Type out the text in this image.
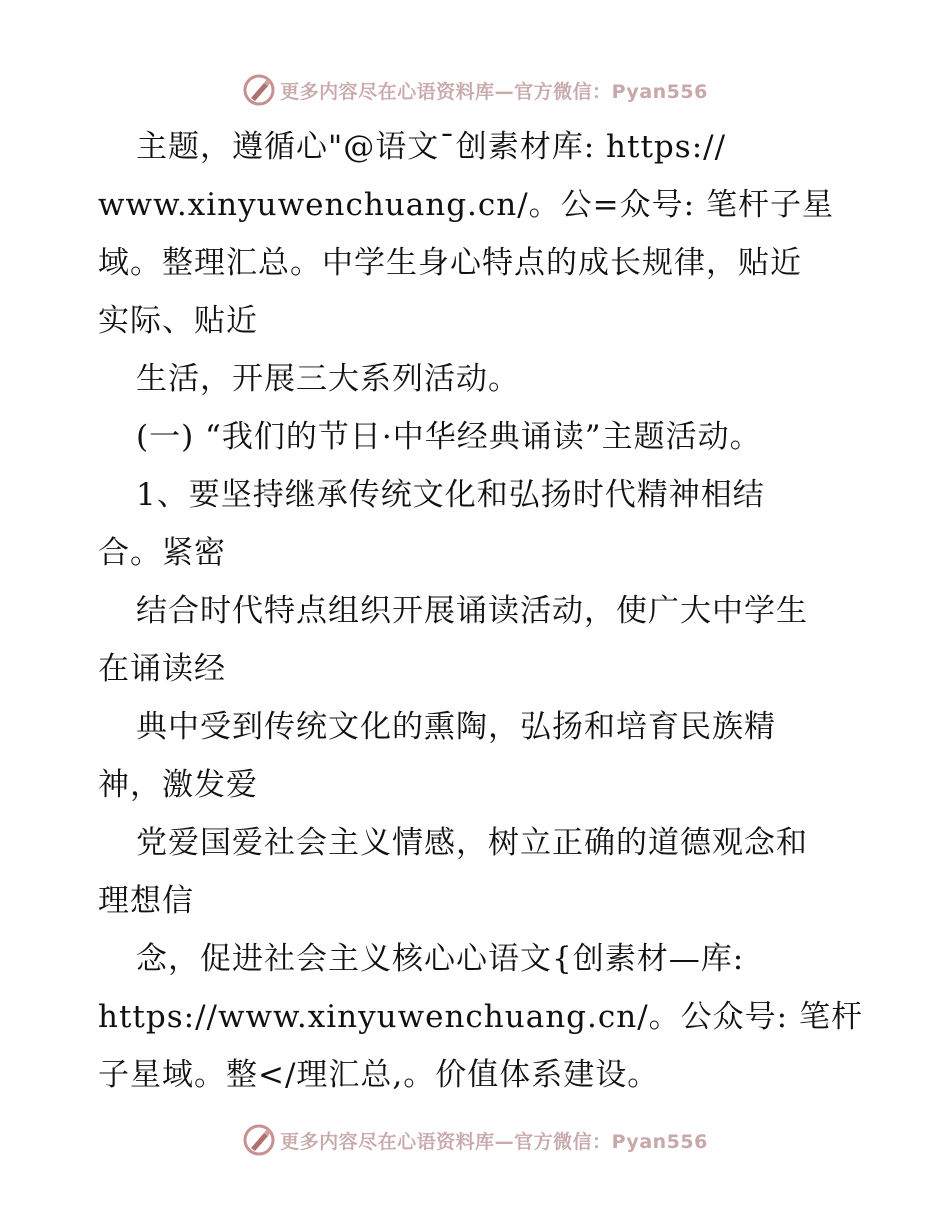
更多内容尽在心语资料库—官方微信：Pyan556
主题，遵循心"@语文¯创素材库: https://
www.xinyuwenchuang.cn/。公=众号: 笔杆子星
域。整理汇总。中学生身心特点的成长规律，贴近
实际、贴近
生活，开展三大系列活动。
(一) “我们的节日·中华经典诵读”主题活动。
1、要坚持继承传统文化和弘扬时代精神相结
合。紧密
结合时代特点组织开展诵读活动，使广大中学生
在诵读经
典中受到传统文化的熏陶，弘扬和培育民族精
神，激发爱
党爱国爱社会主义情感，树立正确的道德观念和
理想信
念，促进社会主义核心心语文{创素材—库:
https://www.xinyuwenchuang.cn/。公众号: 笔杆
子星域。整</理汇总,。价值体系建设。
更多内容尽在心语资料库—官方微信：Pyan556
